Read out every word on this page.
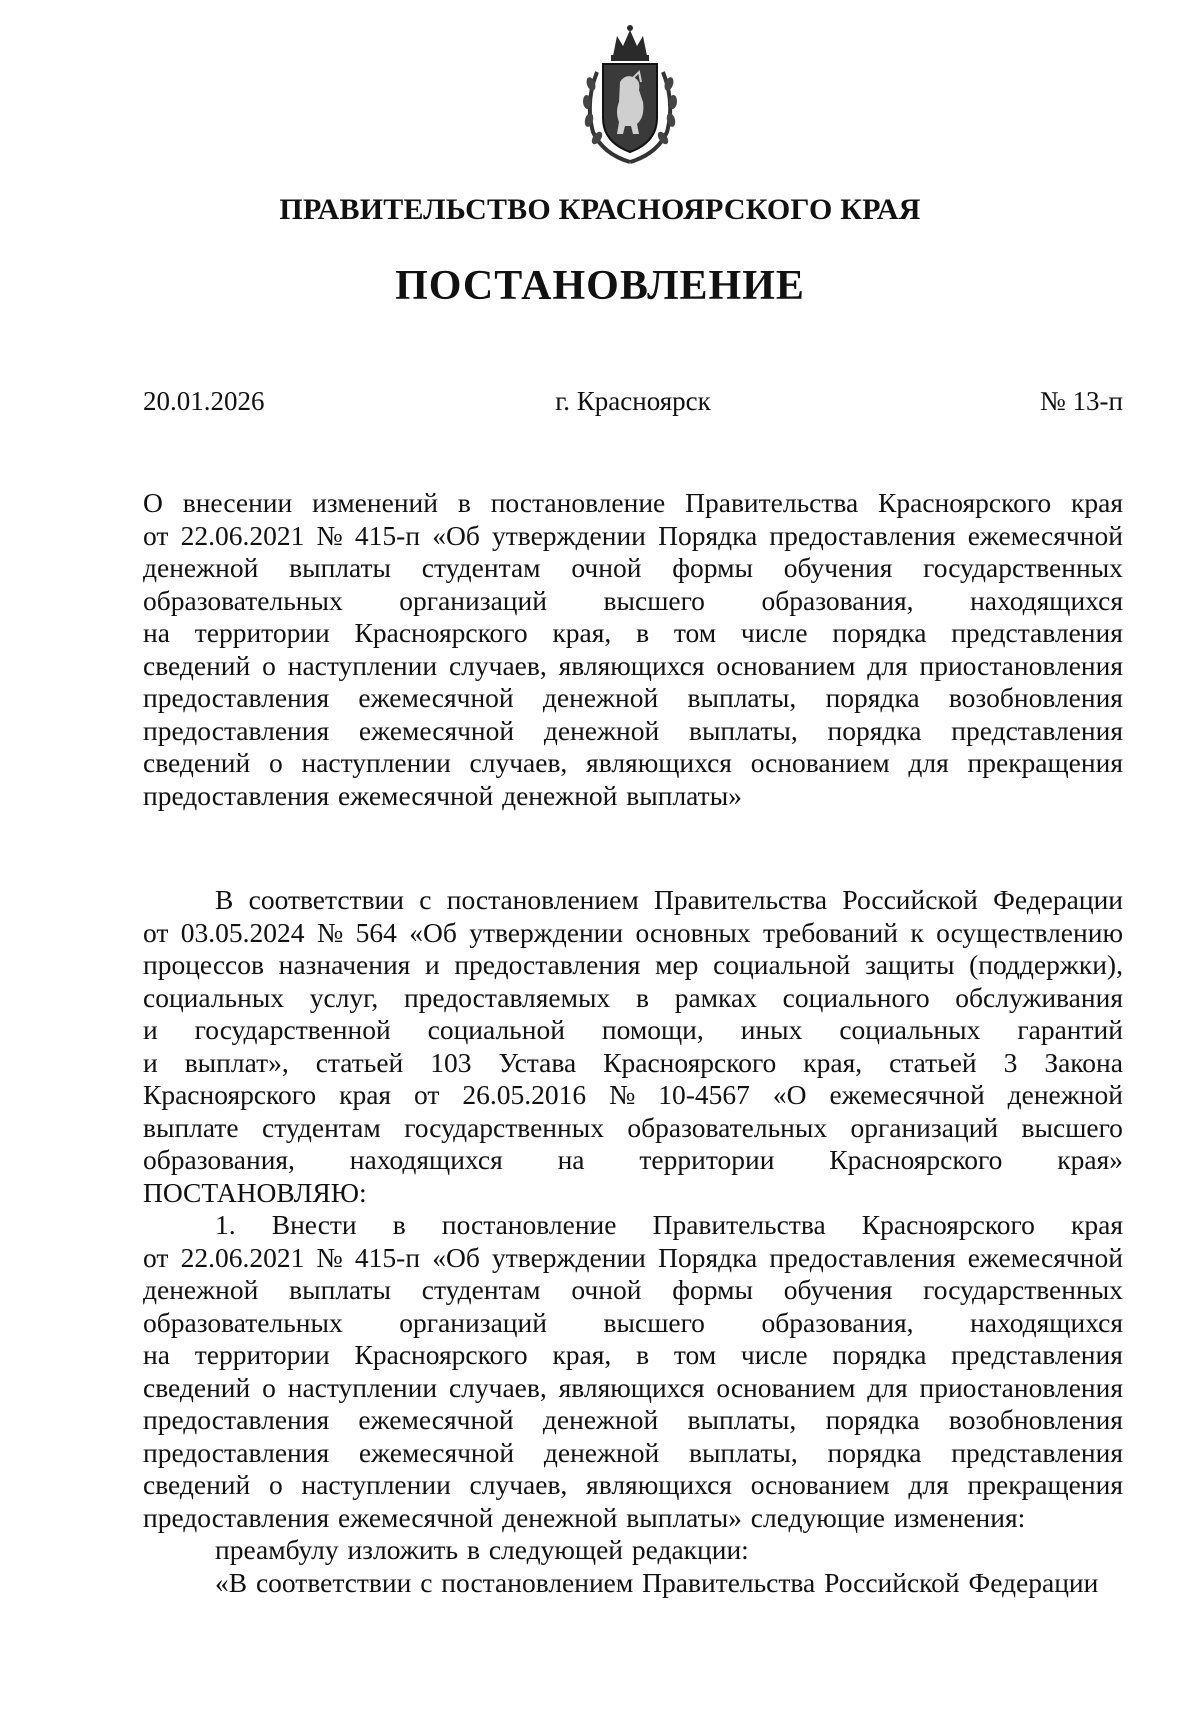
ПРАВИТЕЛЬСТВО КРАСНОЯРСКОГО КРАЯ
ПОСТАНОВЛЕНИЕ
20.01.2026	г. Красноярск	№ 13-п
О внесении изменений в постановление Правительства Красноярского края
от 22.06.2021 № 415-п «Об утверждении Порядка предоставления ежемесячной
денежной выплаты студентам очной формы обучения государственных
образовательных организаций высшего образования, находящихся
на территории Красноярского края, в том числе порядка представления
сведений о наступлении случаев, являющихся основанием для приостановления
предоставления ежемесячной денежной выплаты, порядка возобновления
предоставления ежемесячной денежной выплаты, порядка представления
сведений о наступлении случаев, являющихся основанием для прекращения
предоставления ежемесячной денежной выплаты»
В соответствии с постановлением Правительства Российской Федерации
от 03.05.2024 № 564 «Об утверждении основных требований к осуществлению
процессов назначения и предоставления мер социальной защиты (поддержки),
социальных услуг, предоставляемых в рамках социального обслуживания
и государственной социальной помощи, иных социальных гарантий
и выплат», статьей 103 Устава Красноярского края, статьей 3 Закона
Красноярского края от 26.05.2016 № 10-4567 «О ежемесячной денежной
выплате студентам государственных образовательных организаций высшего
образования, находящихся на территории Красноярского края»
ПОСТАНОВЛЯЮ:
1. Внести в постановление Правительства Красноярского края
от 22.06.2021 № 415-п «Об утверждении Порядка предоставления ежемесячной
денежной выплаты студентам очной формы обучения государственных
образовательных организаций высшего образования, находящихся
на территории Красноярского края, в том числе порядка представления
сведений о наступлении случаев, являющихся основанием для приостановления
предоставления ежемесячной денежной выплаты, порядка возобновления
предоставления ежемесячной денежной выплаты, порядка представления
сведений о наступлении случаев, являющихся основанием для прекращения
предоставления ежемесячной денежной выплаты» следующие изменения:
преамбулу изложить в следующей редакции:
«В соответствии с постановлением Правительства Российской Федерации
